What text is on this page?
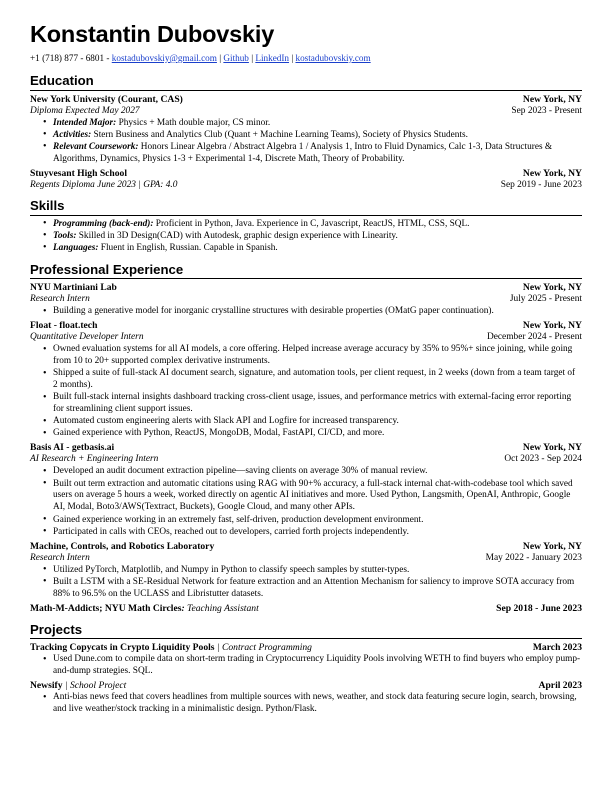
Konstantin Dubovskiy
+1 (718) 877 - 6801 - kostadubovskiy@gmail.com | Github | LinkedIn | kostadubovskiy.com
Education
New York University (Courant, CAS)	New York, NY
Diploma Expected May 2027	Sep 2023 - Present
• Intended Major: Physics + Math double major, CS minor.
• Activities: Stern Business and Analytics Club (Quant + Machine Learning Teams), Society of Physics Students.
• Relevant Coursework: Honors Linear Algebra / Abstract Algebra 1 / Analysis 1, Intro to Fluid Dynamics, Calc 1-3, Data Structures & Algorithms, Dynamics, Physics 1-3 + Experimental 1-4, Discrete Math, Theory of Probability.
Stuyvesant High School	New York, NY
Regents Diploma June 2023 | GPA: 4.0	Sep 2019 - June 2023
Skills
• Programming (back-end): Proficient in Python, Java. Experience in C, Javascript, ReactJS, HTML, CSS, SQL.
• Tools: Skilled in 3D Design(CAD) with Autodesk, graphic design experience with Linearity.
• Languages: Fluent in English, Russian. Capable in Spanish.
Professional Experience
NYU Martiniani Lab	New York, NY
Research Intern	July 2025 - Present
• Building a generative model for inorganic crystalline structures with desirable properties (OMatG paper continuation).
Float - float.tech	New York, NY
Quantitative Developer Intern	December 2024 - Present
• Owned evaluation systems for all AI models, a core offering. Helped increase average accuracy by 35% to 95%+ since joining, while going from 10 to 20+ supported complex derivative instruments.
• Shipped a suite of full-stack AI document search, signature, and automation tools, per client request, in 2 weeks (down from a team target of 2 months).
• Built full-stack internal insights dashboard tracking cross-client usage, issues, and performance metrics with external-facing error reporting for streamlining client support issues.
• Automated custom engineering alerts with Slack API and Logfire for increased transparency.
• Gained experience with Python, ReactJS, MongoDB, Modal, FastAPI, CI/CD, and more.
Basis AI - getbasis.ai	New York, NY
AI Research + Engineering Intern	Oct 2023 - Sep 2024
• Developed an audit document extraction pipeline—saving clients on average 30% of manual review.
• Built out term extraction and automatic citations using RAG with 90+% accuracy, a full-stack internal chat-with-codebase tool which saved users on average 5 hours a week, worked directly on agentic AI initiatives and more. Used Python, Langsmith, OpenAI, Anthropic, Google AI, Modal, Boto3/AWS(Textract, Buckets), Google Cloud, and many other APIs.
• Gained experience working in an extremely fast, self-driven, production development environment.
• Participated in calls with CEOs, reached out to developers, carried forth projects independently.
Machine, Controls, and Robotics Laboratory	New York, NY
Research Intern	May 2022 - January 2023
• Utilized PyTorch, Matplotlib, and Numpy in Python to classify speech samples by stutter-types.
• Built a LSTM with a SE-Residual Network for feature extraction and an Attention Mechanism for saliency to improve SOTA accuracy from 88% to 96.5% on the UCLASS and Libristutter datasets.
Math-M-Addicts; NYU Math Circles: Teaching Assistant	Sep 2018 - June 2023
Projects
Tracking Copycats in Crypto Liquidity Pools | Contract Programming	March 2023
• Used Dune.com to compile data on short-term trading in Cryptocurrency Liquidity Pools involving WETH to find buyers who employ pump-and-dump strategies. SQL.
Newsify | School Project	April 2023
• Anti-bias news feed that covers headlines from multiple sources with news, weather, and stock data featuring secure login, search, browsing, and live weather/stock tracking in a minimalistic design. Python/Flask.
